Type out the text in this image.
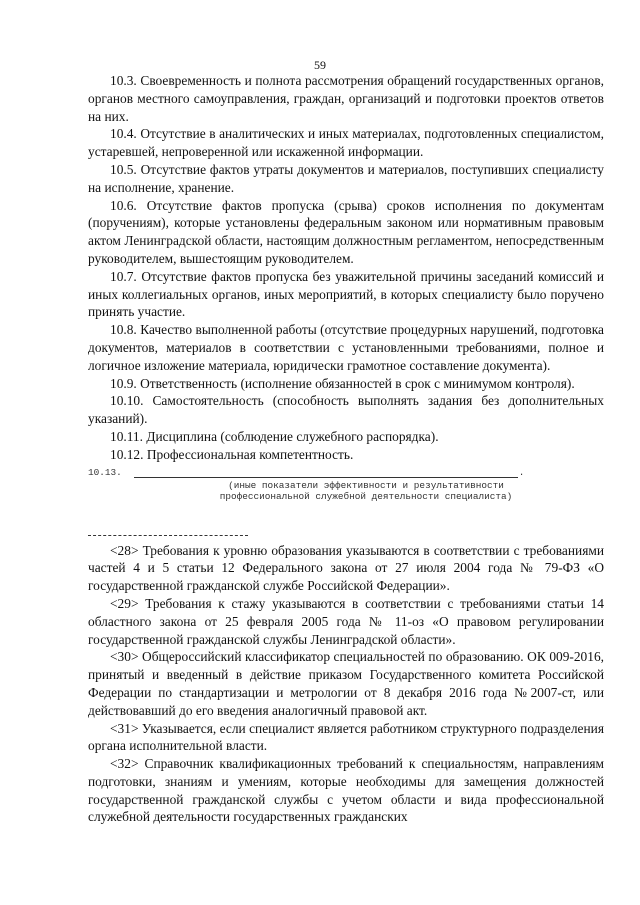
59

10.3. Своевременность и полнота рассмотрения обращений государственных органов, органов местного самоуправления, граждан, организаций и подготовки проектов ответов на них.

10.4. Отсутствие в аналитических и иных материалах, подготовленных специалистом, устаревшей, непроверенной или искаженной информации.

10.5. Отсутствие фактов утраты документов и материалов, поступивших специалисту на исполнение, хранение.

10.6. Отсутствие фактов пропуска (срыва) сроков исполнения по документам (поручениям), которые установлены федеральным законом или нормативным правовым актом Ленинградской области, настоящим должностным регламентом, непосредственным руководителем, вышестоящим руководителем.

10.7. Отсутствие фактов пропуска без уважительной причины заседаний комиссий и иных коллегиальных органов, иных мероприятий, в которых специалисту было поручено принять участие.

10.8. Качество выполненной работы (отсутствие процедурных нарушений, подготовка документов, материалов в соответствии с установленными требованиями, полное и логичное изложение материала, юридически грамотное составление документа).

10.9. Ответственность (исполнение обязанностей в срок с минимумом контроля).

10.10. Самостоятельность (способность выполнять задания без дополнительных указаний).

10.11. Дисциплина (соблюдение служебного распорядка).

10.12. Профессиональная компетентность.

10.13.	.
(иные показатели эффективности и результативности
профессиональной служебной деятельности специалиста)

<28> Требования к уровню образования указываются в соответствии с требованиями частей 4 и 5 статьи 12 Федерального закона от 27 июля 2004 года № 79-ФЗ «О государственной гражданской службе Российской Федерации».

<29> Требования к стажу указываются в соответствии с требованиями статьи 14 областного закона от 25 февраля 2005 года № 11-оз «О правовом регулировании государственной гражданской службы Ленинградской области».

<30> Общероссийский классификатор специальностей по образованию. ОК 009-2016, принятый и введенный в действие приказом Государственного комитета Российской Федерации по стандартизации и метрологии от 8 декабря 2016 года №2007-ст, или действовавший до его введения аналогичный правовой акт.

<31> Указывается, если специалист является работником структурного подразделения органа исполнительной власти.

<32> Справочник квалификационных требований к специальностям, направлениям подготовки, знаниям и умениям, которые необходимы для замещения должностей государственной гражданской службы с учетом области и вида профессиональной служебной деятельности государственных гражданских
